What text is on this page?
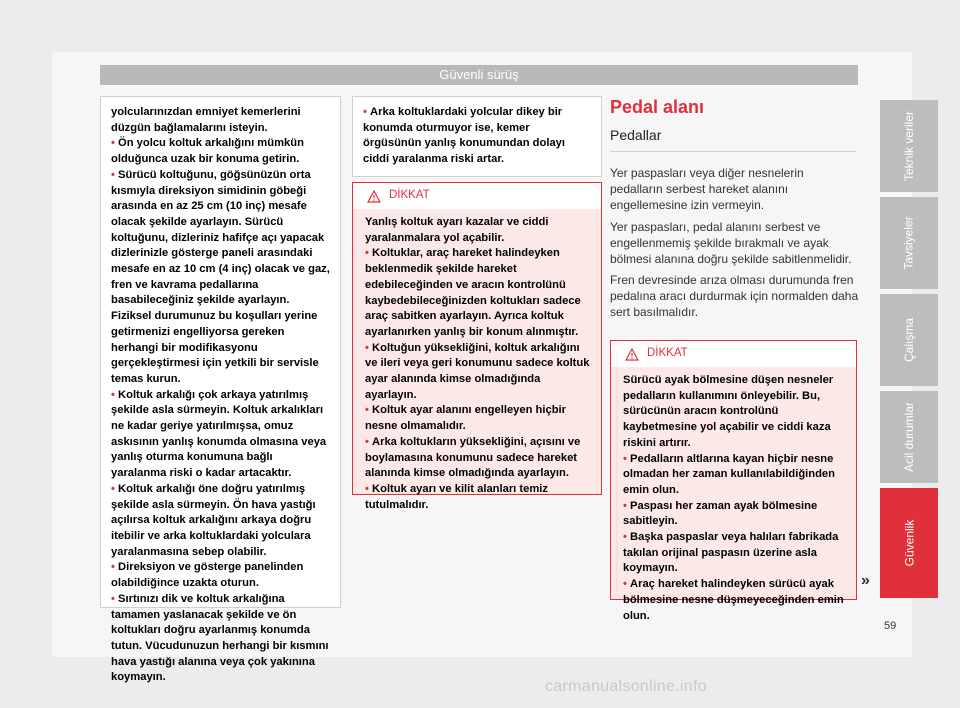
Güvenli sürüş

yolcularınızdan emniyet kemerlerini düzgün bağlamalarını isteyin.

• Ön yolcu koltuk arkalığını mümkün olduğunca uzak bir konuma getirin.

• Sürücü koltuğunu, göğsünüzün orta kısmıyla direksiyon simidinin göbeği arasında en az 25 cm (10 inç) mesafe olacak şekilde ayarlayın. Sürücü koltuğunu, dizleriniz hafifçe açı yapacak dizlerinizle gösterge paneli arasındaki mesafe en az 10 cm (4 inç) olacak ve gaz, fren ve kavrama pedallarına basabileceğiniz şekilde ayarlayın. Fiziksel durumunuz bu koşulları yerine getirmenizi engelliyorsa gereken herhangi bir modifikasyonu gerçekleştirmesi için yetkili bir servisle temas kurun.

• Koltuk arkalığı çok arkaya yatırılmış şekilde asla sürmeyin. Koltuk arkalıkları ne kadar geriye yatırılmışsa, omuz askısının yanlış konumda olmasına veya yanlış oturma konumuna bağlı yaralanma riski o kadar artacaktır.

• Koltuk arkalığı öne doğru yatırılmış şekilde asla sürmeyin. Ön hava yastığı açılırsa koltuk arkalığını arkaya doğru itebilir ve arka koltuklardaki yolculara yaralanmasına sebep olabilir.

• Direksiyon ve gösterge panelinden olabildiğince uzakta oturun.

• Sırtınızı dik ve koltuk arkalığına tamamen yaslanacak şekilde ve ön koltukları doğru ayarlanmış konumda tutun. Vücudunuzun herhangi bir kısmını hava yastığı alanına veya çok yakınına koymayın.

• Arka koltuklardaki yolcular dikey bir konumda oturmuyor ise, kemer örgüsünün yanlış konumundan dolayı ciddi yaralanma riski artar.

DİKKAT

Yanlış koltuk ayarı kazalar ve ciddi yaralanmalara yol açabilir.

• Koltuklar, araç hareket halindeyken beklenmedik şekilde hareket edebileceğinden ve aracın kontrolünü kaybedebileceğinizden koltukları sadece araç sabitken ayarlayın. Ayrıca koltuk ayarlanırken yanlış bir konum alınmıştır.

• Koltuğun yüksekliğini, koltuk arkalığını ve ileri veya geri konumunu sadece koltuk ayar alanında kimse olmadığında ayarlayın.

• Koltuk ayar alanını engelleyen hiçbir nesne olmamalıdır.

• Arka koltukların yüksekliğini, açısını ve boylamasına konumunu sadece hareket alanında kimse olmadığında ayarlayın.

• Koltuk ayarı ve kilit alanları temiz tutulmalıdır.

Pedal alanı
Pedallar

Yer paspasları veya diğer nesnelerin pedalların serbest hareket alanını engellemesine izin vermeyin.

Yer paspasları, pedal alanını serbest ve engellenmemiş şekilde bırakmalı ve ayak bölmesi alanına doğru şekilde sabitlenmelidir.

Fren devresinde arıza olması durumunda fren pedalına aracı durdurmak için normalden daha sert basılmalıdır.

DİKKAT

Sürücü ayak bölmesine düşen nesneler pedalların kullanımını önleyebilir. Bu, sürücünün aracın kontrolünü kaybetmesine yol açabilir ve ciddi kaza riskini artırır.

• Pedalların altlarına kayan hiçbir nesne olmadan her zaman kullanılabildiğinden emin olun.

• Paspası her zaman ayak bölmesine sabitleyin.

• Başka paspaslar veya halıları fabrikada takılan orijinal paspasın üzerine asla koymayın.

• Araç hareket halindeyken sürücü ayak bölmesine nesne düşmeyeceğinden emin olun.

Teknik veriler
Tavsiyeler
Çalışma
Acil durumlar
Güvenlik
»
59
carmanualsonline.info
